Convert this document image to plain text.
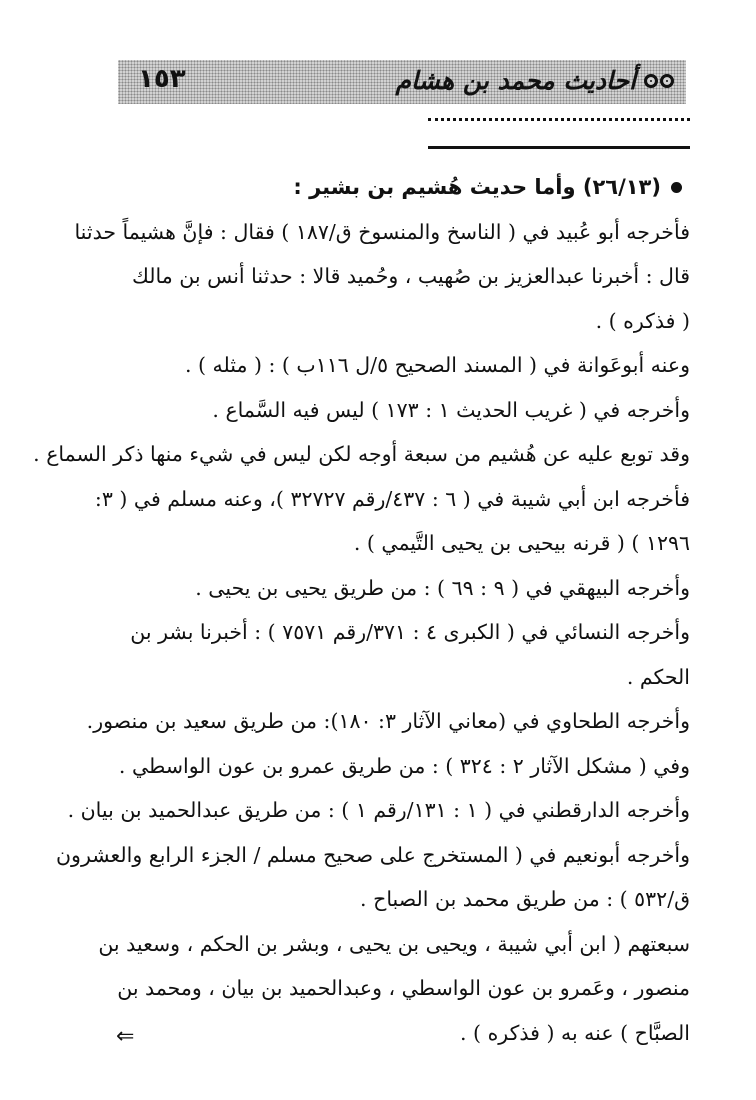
١٥٣	أحاديث محمد بن هشام
(٢٦/١٣) وأما حديث هُشيم بن بشير :
فأخرجه أبو عُبيد في ( الناسخ والمنسوخ ق/١٨٧ ) فقال : فإنَّ هشيماً حدثنا
قال : أخبرنا عبدالعزيز بن صُهيب ، وحُميد قالا : حدثنا أنس بن مالك
( فذكره ) .
وعنه أبوعَوانة في ( المسند الصحيح ٥/ل ١١٦ب ) : ( مثله ) .
وأخرجه في ( غريب الحديث ١ : ١٧٣ ) ليس فيه السَّماع .
وقد توبع عليه عن هُشيم من سبعة أوجه لكن ليس في شيء منها ذكر السماع .
فأخرجه ابن أبي شيبة في ( ٦ : ٤٣٧/رقم ٣٢٧٢٧ )، وعنه مسلم في ( ٣:
١٢٩٦ ) ( قرنه بيحيى بن يحيى التَّيمي ) .
وأخرجه البيهقي في ( ٩ : ٦٩ ) : من طريق يحيى بن يحيى .
وأخرجه النسائي في ( الكبرى ٤ : ٣٧١/رقم ٧٥٧١ ) : أخبرنا بشر بن
الحكم .
وأخرجه الطحاوي في (معاني الآثار ٣: ١٨٠): من طريق سعيد بن منصور.
وفي ( مشكل الآثار ٢ : ٣٢٤ ) : من طريق عمرو بن عون الواسطي .
وأخرجه الدارقطني في ( ١ : ١٣١/رقم ١ ) : من طريق عبدالحميد بن بيان .
وأخرجه أبونعيم في ( المستخرج على صحيح مسلم / الجزء الرابع والعشرون
ق/٥٣٢ ) : من طريق محمد بن الصباح .
سبعتهم ( ابن أبي شيبة ، ويحيى بن يحيى ، وبشر بن الحكم ، وسعيد بن
منصور ، وعَمرو بن عون الواسطي ، وعبدالحميد بن بيان ، ومحمد بن
الصبَّاح ) عنه به ( فذكره ) .
⇐
